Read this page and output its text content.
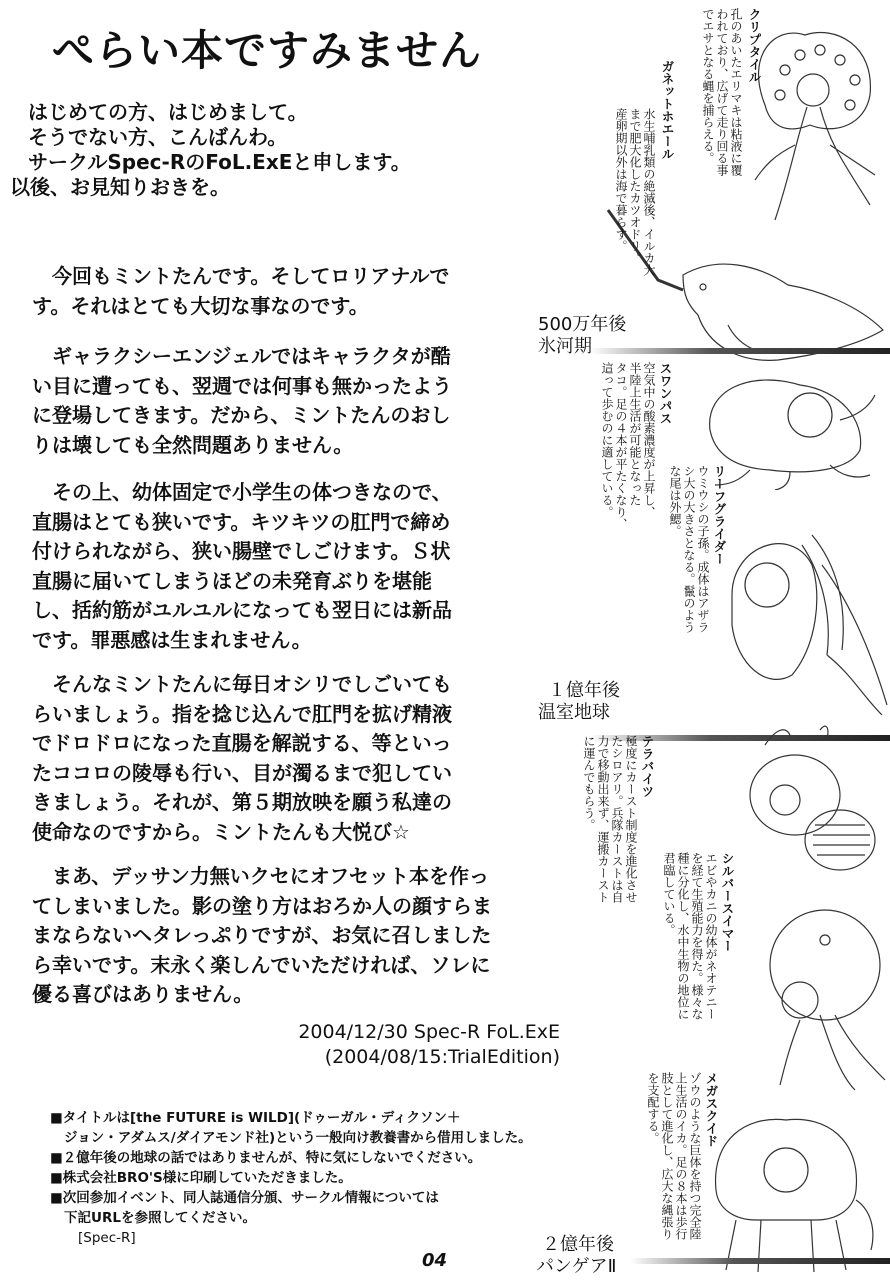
ぺらい本ですみません
はじめての方、はじめまして。
そうでない方、こんばんわ。
サークルSpec-RのFoL.ExEと申します。
以後、お見知りおきを。
今回もミントたんです。そしてロリアナルで
す。それはとても大切な事なのです。
ギャラクシーエンジェルではキャラクタが酷
い目に遭っても、翌週では何事も無かったよう
に登場してきます。だから、ミントたんのおし
りは壊しても全然問題ありません。
その上、幼体固定で小学生の体つきなので、
直腸はとても狭いです。キツキツの肛門で締め
付けられながら、狭い腸壁でしごけます。Ｓ状
直腸に届いてしまうほどの未発育ぶりを堪能
し、括約筋がユルユルになっても翌日には新品
です。罪悪感は生まれません。
そんなミントたんに毎日オシリでしごいても
らいましょう。指を捻じ込んで肛門を拡げ精液
でドロドロになった直腸を解説する、等といっ
たココロの陵辱も行い、目が濁るまで犯してい
きましょう。それが、第５期放映を願う私達の
使命なのですから。ミントたんも大悦び☆
まあ、デッサン力無いクセにオフセット本を作っ
てしまいました。影の塗り方はおろか人の顔すらま
まならないヘタレっぷりですが、お気に召しました
ら幸いです。末永く楽しんでいただければ、ソレに
優る喜びはありません。
2004/12/30 Spec-R FoL.ExE
(2004/08/15:TrialEdition)
■タイトルは[the FUTURE is WILD](ドゥーガル・ディクソン＋
ジョン・アダムス/ダイアモンド社)という一般向け教養書から借用しました。
■２億年後の地球の話ではありませんが、特に気にしないでください。
■株式会社BRO'S様に印刷していただきました。
■次回参加イベント、同人誌通信分頒、サークル情報については
下記URLを参照してください。
[Spec-R]
04
クリプタイル
孔のあいたエリマキは粘液に覆
われており、広げて走り回る事
でエサとなる蝿を捕らえる。
ガネットホエール
水生哺乳類の絶滅後、イルカ大
まで肥大化したカツオドリ。
産卵期以外は海で暮らす。
500万年後
氷河期
スワンパス
空気中の酸素濃度が上昇し、
半陸上生活が可能となった
タコ。足の４本が平たくなり、
這って歩むのに適している。	リーフグライダー
ウミウシの子孫。成体はアザラ
シ大の大きさとなる。鬣のよう
な尾は外鰓。
１億年後
温室地球
テラバイツ
極度にカースト制度を進化させ
たシロアリ。兵隊カーストは自
力で移動出来ず、運搬カースト
に運んでもらう。
シルバースイマー
エビやカニの幼体がネオテニー
を経て生殖能力を得た。様々な
種に分化し、水中生物の地位に
君臨している。
メガスクイド
ゾウのような巨体を持つ完全陸
上生活のイカ。足の８本は歩行
肢として進化し、広大な縄張り
を支配する。
２億年後
パンゲアⅡ
